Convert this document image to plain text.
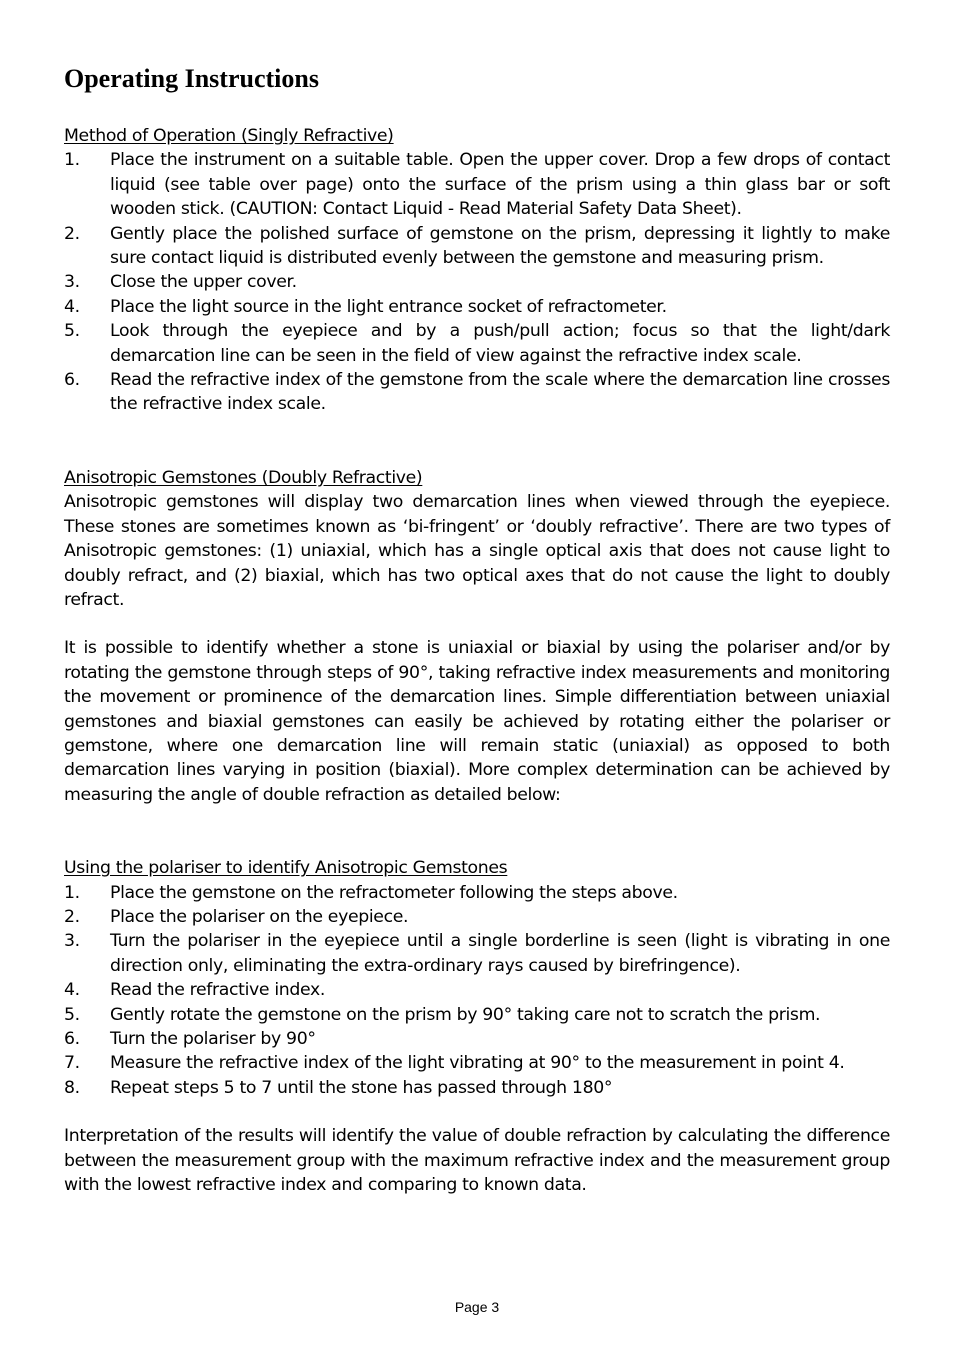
Operating Instructions
Method of Operation (Singly Refractive)
1.	Place the instrument on a suitable table. Open the upper cover. Drop a few drops of contact liquid (see table over page) onto the surface of the prism using a thin glass bar or soft wooden stick. (CAUTION: Contact Liquid - Read Material Safety Data Sheet).
2.	Gently place the polished surface of gemstone on the prism, depressing it lightly to make sure contact liquid is distributed evenly between the gemstone and measuring prism.
3.	Close the upper cover.
4.	Place the light source in the light entrance socket of refractometer.
5.	Look through the eyepiece and by a push/pull action; focus so that the light/dark demarcation line can be seen in the field of view against the refractive index scale.
6.	Read the refractive index of the gemstone from the scale where the demarcation line crosses the refractive index scale.
Anisotropic Gemstones (Doubly Refractive)

Anisotropic gemstones will display two demarcation lines when viewed through the eyepiece. These stones are sometimes known as ‘bi-fringent’ or ‘doubly refractive’. There are two types of Anisotropic gemstones: (1) uniaxial, which has a single optical axis that does not cause light to doubly refract, and (2) biaxial, which has two optical axes that do not cause the light to doubly refract.

It is possible to identify whether a stone is uniaxial or biaxial by using the polariser and/or by rotating the gemstone through steps of 90°, taking refractive index measurements and monitoring the movement or prominence of the demarcation lines. Simple differentiation between uniaxial gemstones and biaxial gemstones can easily be achieved by rotating either the polariser or gemstone, where one demarcation line will remain static (uniaxial) as opposed to both demarcation lines varying in position (biaxial). More complex determination can be achieved by measuring the angle of double refraction as detailed below:

Using the polariser to identify Anisotropic Gemstones
1.	Place the gemstone on the refractometer following the steps above.
2.	Place the polariser on the eyepiece.
3.	Turn the polariser in the eyepiece until a single borderline is seen (light is vibrating in one direction only, eliminating the extra-ordinary rays caused by birefringence).
4.	Read the refractive index.
5.	Gently rotate the gemstone on the prism by 90° taking care not to scratch the prism.
6.	Turn the polariser by 90°
7.	Measure the refractive index of the light vibrating at 90° to the measurement in point 4.
8.	Repeat steps 5 to 7 until the stone has passed through 180°

Interpretation of the results will identify the value of double refraction by calculating the difference between the measurement group with the maximum refractive index and the measurement group with the lowest refractive index and comparing to known data.

Page 3
